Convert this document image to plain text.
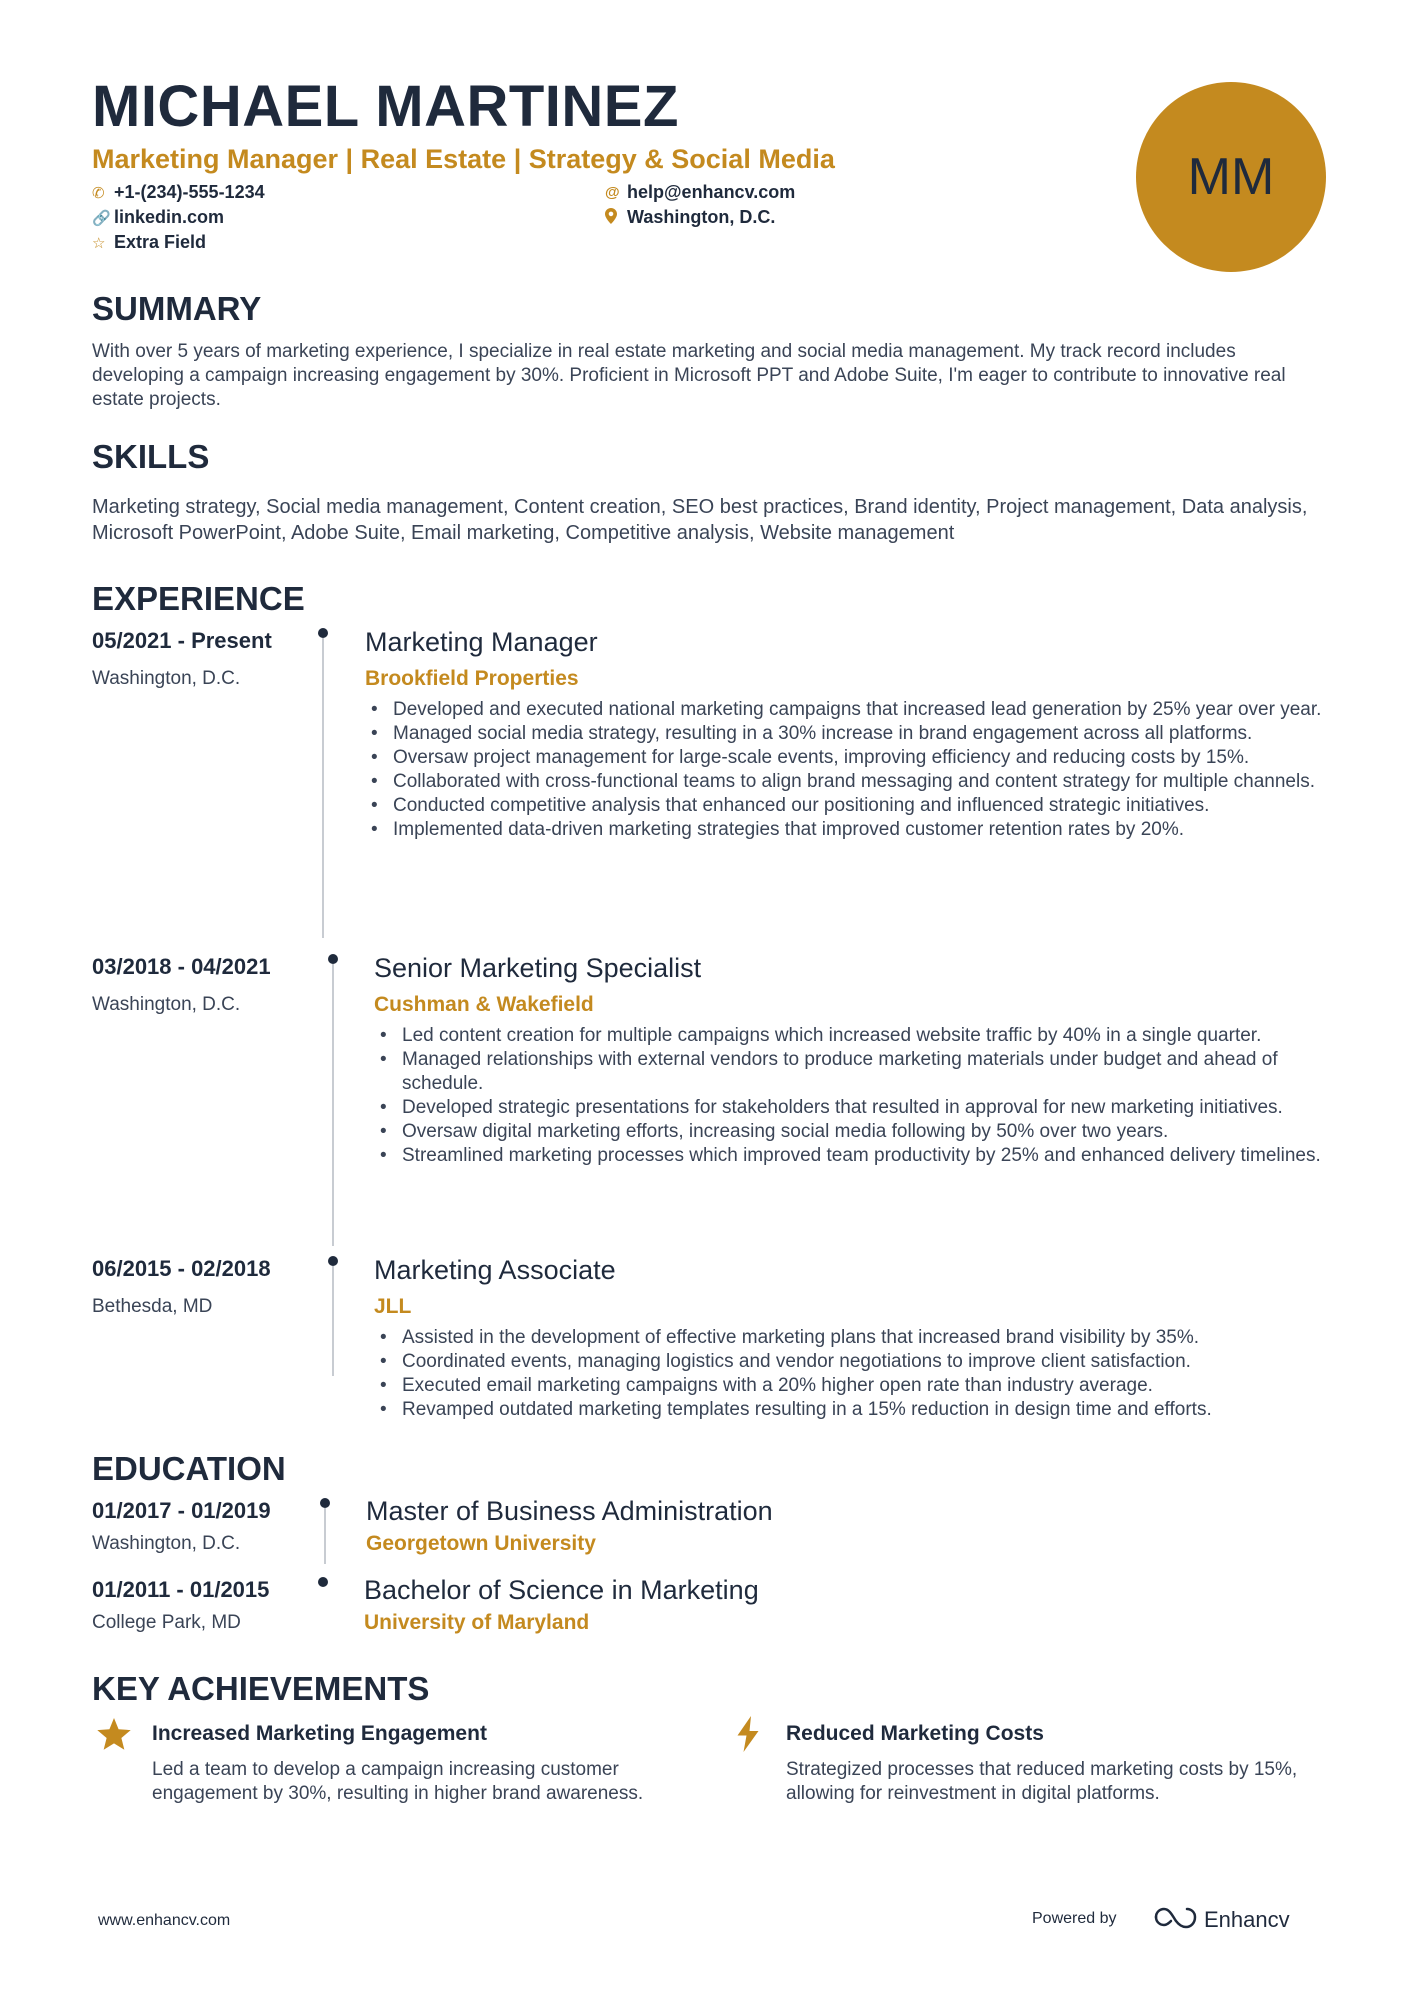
MICHAEL MARTINEZ
Marketing Manager | Real Estate | Strategy & Social Media
✆ +1-(234)-555-1234	@ help@enhancv.com
🔗 linkedin.com	Washington, D.C.
☆ Extra Field
MM
SUMMARY
With over 5 years of marketing experience, I specialize in real estate marketing and social media management. My track record includes developing a campaign increasing engagement by 30%. Proficient in Microsoft PPT and Adobe Suite, I'm eager to contribute to innovative real estate projects.
SKILLS
Marketing strategy, Social media management, Content creation, SEO best practices, Brand identity, Project management, Data analysis, Microsoft PowerPoint, Adobe Suite, Email marketing, Competitive analysis, Website management
EXPERIENCE
05/2021 - Present
Washington, D.C.
Marketing Manager
Brookfield Properties
• Developed and executed national marketing campaigns that increased lead generation by 25% year over year.
• Managed social media strategy, resulting in a 30% increase in brand engagement across all platforms.
• Oversaw project management for large-scale events, improving efficiency and reducing costs by 15%.
• Collaborated with cross-functional teams to align brand messaging and content strategy for multiple channels.
• Conducted competitive analysis that enhanced our positioning and influenced strategic initiatives.
• Implemented data-driven marketing strategies that improved customer retention rates by 20%.
03/2018 - 04/2021
Washington, D.C.
Senior Marketing Specialist
Cushman & Wakefield
• Led content creation for multiple campaigns which increased website traffic by 40% in a single quarter.
• Managed relationships with external vendors to produce marketing materials under budget and ahead of schedule.
• Developed strategic presentations for stakeholders that resulted in approval for new marketing initiatives.
• Oversaw digital marketing efforts, increasing social media following by 50% over two years.
• Streamlined marketing processes which improved team productivity by 25% and enhanced delivery timelines.
06/2015 - 02/2018
Bethesda, MD
Marketing Associate
JLL
• Assisted in the development of effective marketing plans that increased brand visibility by 35%.
• Coordinated events, managing logistics and vendor negotiations to improve client satisfaction.
• Executed email marketing campaigns with a 20% higher open rate than industry average.
• Revamped outdated marketing templates resulting in a 15% reduction in design time and efforts.
EDUCATION
01/2017 - 01/2019
Washington, D.C.
Master of Business Administration
Georgetown University
01/2011 - 01/2015
College Park, MD
Bachelor of Science in Marketing
University of Maryland
KEY ACHIEVEMENTS
Increased Marketing Engagement
Led a team to develop a campaign increasing customer engagement by 30%, resulting in higher brand awareness.
Reduced Marketing Costs
Strategized processes that reduced marketing costs by 15%, allowing for reinvestment in digital platforms.
www.enhancv.com	Powered by	Enhancv
